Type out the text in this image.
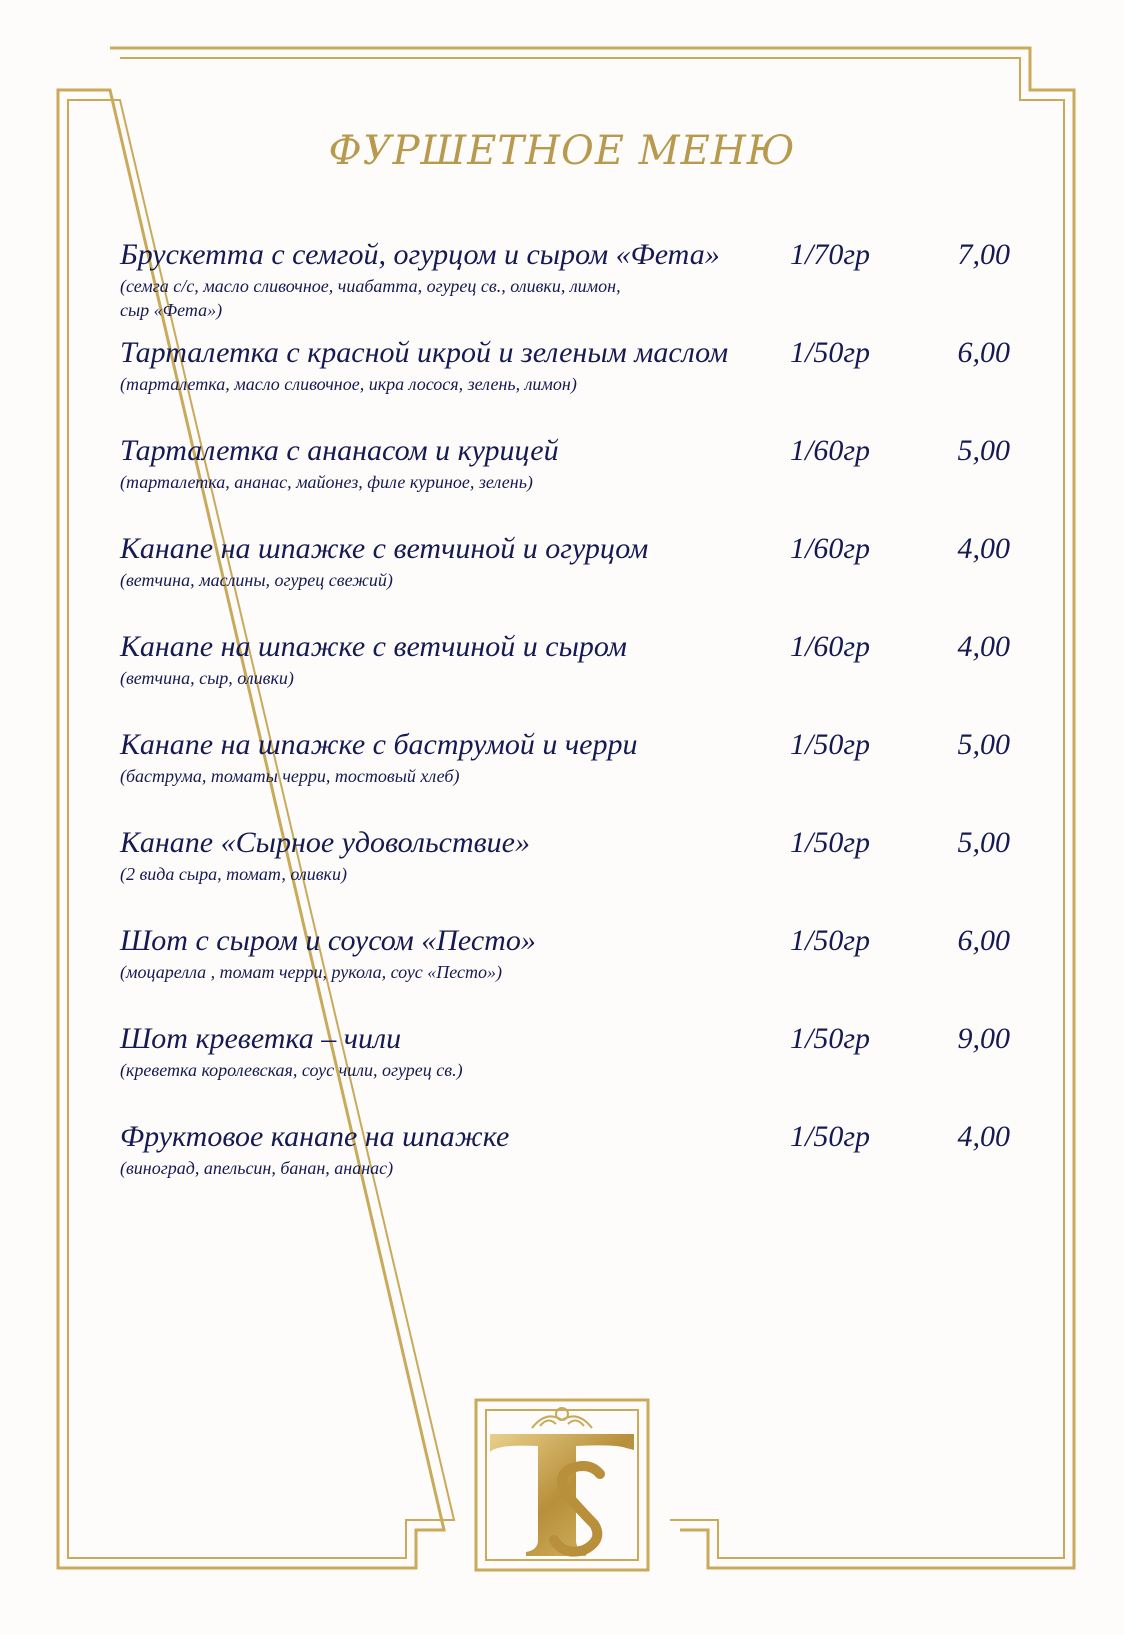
ФУРШЕТНОЕ МЕНЮ
Брускетта с семгой, огурцом и сыром «Фета»
(семга с/с, масло сливочное, чиабатта, огурец св., оливки, лимон, сыр «Фета»)
1/70гр	7,00
Тарталетка с красной икрой и зеленым маслом
(тарталетка, масло сливочное, икра лосося, зелень, лимон)
1/50гр	6,00
Тарталетка с ананасом и курицей
(тарталетка, ананас, майонез, филе куриное, зелень)
1/60гр	5,00
Канапе на шпажке с ветчиной и огурцом
(ветчина, маслины, огурец свежий)
1/60гр	4,00
Канапе на шпажке с ветчиной и сыром
(ветчина, сыр, оливки)
1/60гр	4,00
Канапе на шпажке с баструмой и черри
(баструма, томаты черри, тостовый хлеб)
1/50гр	5,00
Канапе «Сырное удовольствие»
(2 вида сыра, томат, оливки)
1/50гр	5,00
Шот с сыром и соусом «Песто»
(моцарелла , томат черри, рукола, соус «Песто»)
1/50гр	6,00
Шот креветка – чили
(креветка королевская, соус чили, огурец св.)
1/50гр	9,00
Фруктовое канапе на шпажке
(виноград, апельсин, банан, ананас)
1/50гр	4,00
